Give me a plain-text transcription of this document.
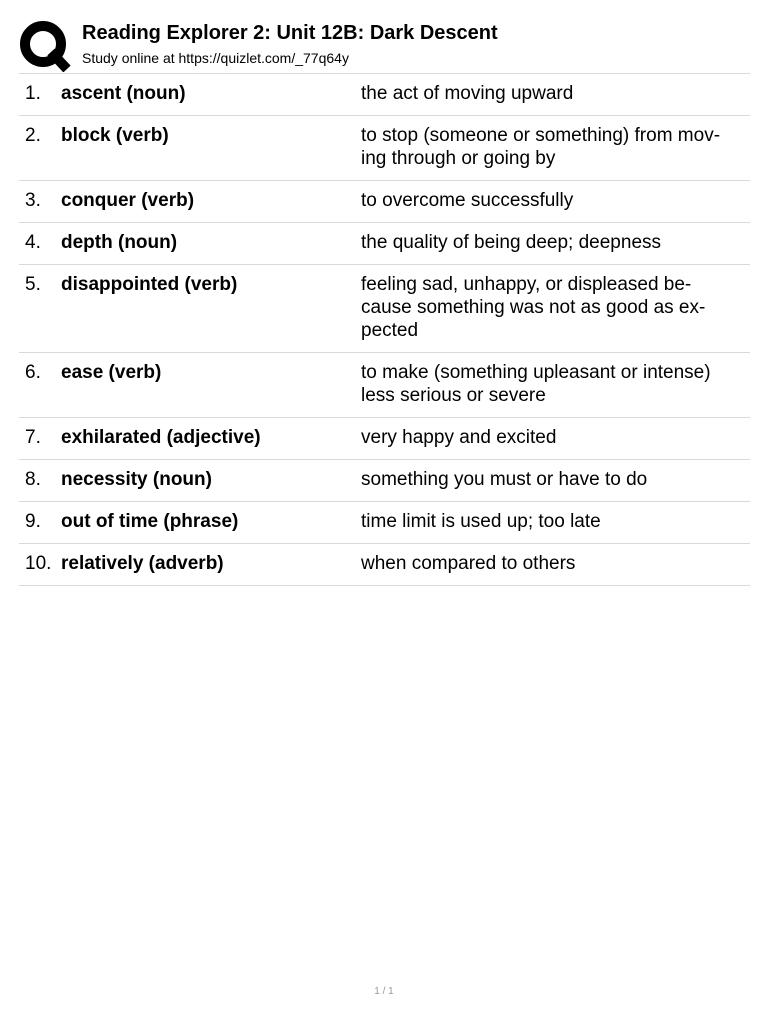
Reading Explorer 2: Unit 12B: Dark Descent
Study online at https://quizlet.com/_77q64y
1.	ascent (noun)	the act of moving upward
2.	block (verb)	to stop (someone or something) from mov-ing through or going by
3.	conquer (verb)	to overcome successfully
4.	depth (noun)	the quality of being deep; deepness
5.	disappointed (verb)	feeling sad, unhappy, or displeased be-cause something was not as good as ex-pected
6.	ease (verb)	to make (something upleasant or intense) less serious or severe
7.	exhilarated (adjective)	very happy and excited
8.	necessity (noun)	something you must or have to do
9.	out of time (phrase)	time limit is used up; too late
10. relatively (adverb)	when compared to others
1 / 1
